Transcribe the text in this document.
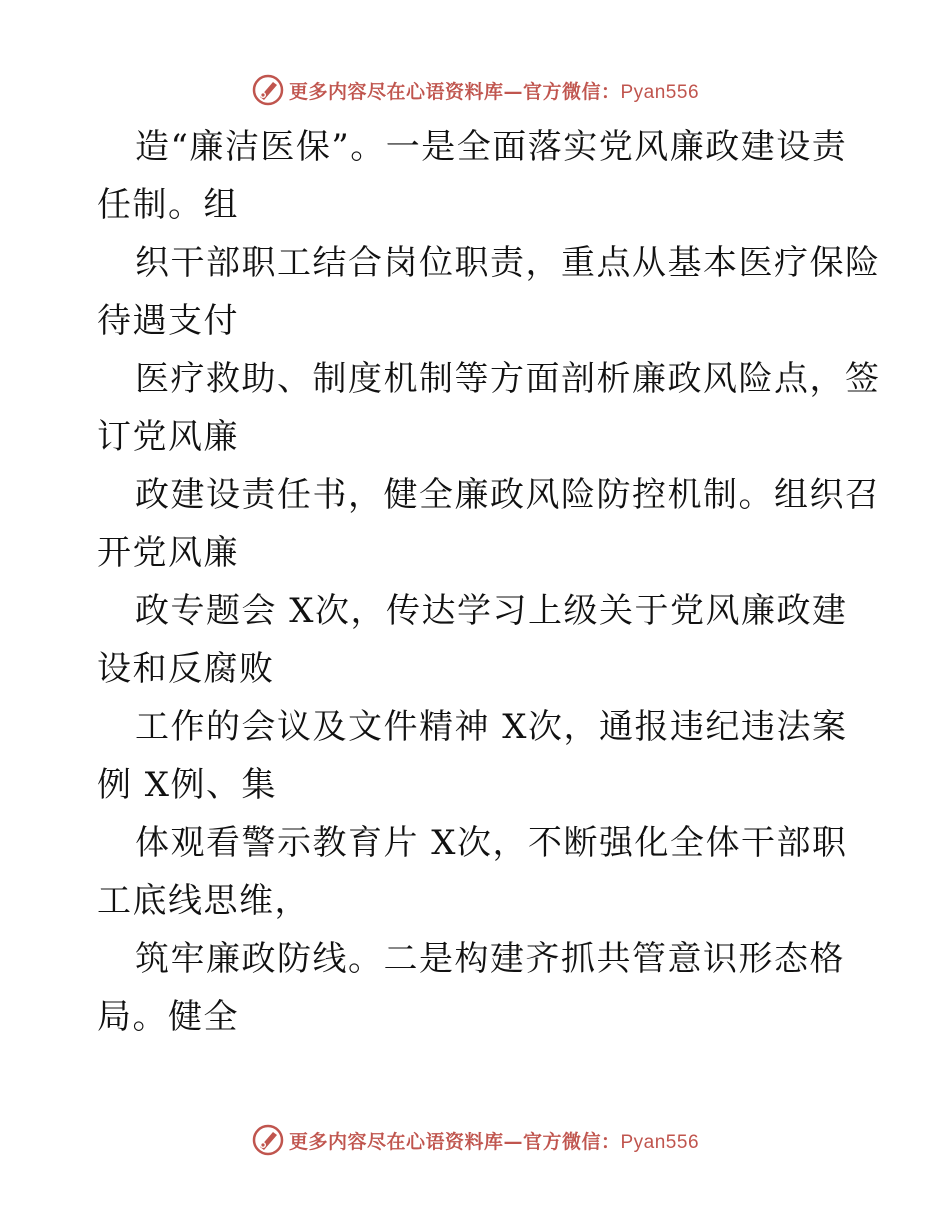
更多内容尽在心语资料库—官方微信：Pyan556
造“廉洁医保”。一是全面落实党风廉政建设责
任制。组
织干部职工结合岗位职责，重点从基本医疗保险
待遇支付
医疗救助、制度机制等方面剖析廉政风险点，签
订党风廉
政建设责任书，健全廉政风险防控机制。组织召
开党风廉
政专题会 X次，传达学习上级关于党风廉政建
设和反腐败
工作的会议及文件精神 X次，通报违纪违法案
例 X例、集
体观看警示教育片 X次，不断强化全体干部职
工底线思维，
筑牢廉政防线。二是构建齐抓共管意识形态格
局。健全
更多内容尽在心语资料库—官方微信：Pyan556
